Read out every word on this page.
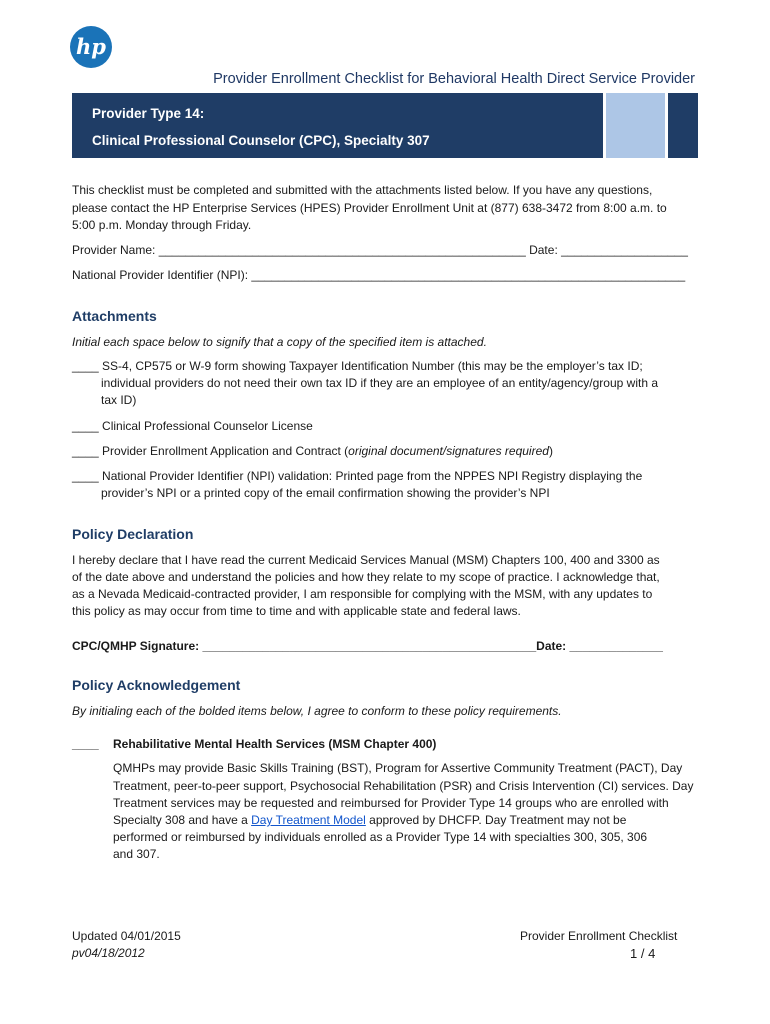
hp
Provider Enrollment Checklist for Behavioral Health Direct Service Provider
Provider Type 14:
Clinical Professional Counselor (CPC), Specialty 307
This checklist must be completed and submitted with the attachments listed below. If you have any questions,
please contact the HP Enterprise Services (HPES) Provider Enrollment Unit at (877) 638-3472 from 8:00 a.m. to
5:00 p.m. Monday through Friday.
Provider Name: _______________________________________________________ Date: ___________________
National Provider Identifier (NPI): _________________________________________________________________
Attachments
Initial each space below to signify that a copy of the specified item is attached.
____ SS-4, CP575 or W-9 form showing Taxpayer Identification Number (this may be the employer’s tax ID;
individual providers do not need their own tax ID if they are an employee of an entity/agency/group with a
tax ID)
____ Clinical Professional Counselor License
____ Provider Enrollment Application and Contract (original document/signatures required)
____ National Provider Identifier (NPI) validation: Printed page from the NPPES NPI Registry displaying the
provider’s NPI or a printed copy of the email confirmation showing the provider’s NPI
Policy Declaration
I hereby declare that I have read the current Medicaid Services Manual (MSM) Chapters 100, 400 and 3300 as
of the date above and understand the policies and how they relate to my scope of practice. I acknowledge that,
as a Nevada Medicaid-contracted provider, I am responsible for complying with the MSM, with any updates to
this policy as may occur from time to time and with applicable state and federal laws.
CPC/QMHP Signature: __________________________________________________Date: ______________
Policy Acknowledgement
By initialing each of the bolded items below, I agree to conform to these policy requirements.
____ Rehabilitative Mental Health Services (MSM Chapter 400)
QMHPs may provide Basic Skills Training (BST), Program for Assertive Community Treatment (PACT), Day
Treatment, peer-to-peer support, Psychosocial Rehabilitation (PSR) and Crisis Intervention (CI) services. Day
Treatment services may be requested and reimbursed for Provider Type 14 groups who are enrolled with
Specialty 308 and have a Day Treatment Model approved by DHCFP. Day Treatment may not be
performed or reimbursed by individuals enrolled as a Provider Type 14 with specialties 300, 305, 306
and 307.
Updated 04/01/2015
pv04/18/2012
Provider Enrollment Checklist
1 / 4
